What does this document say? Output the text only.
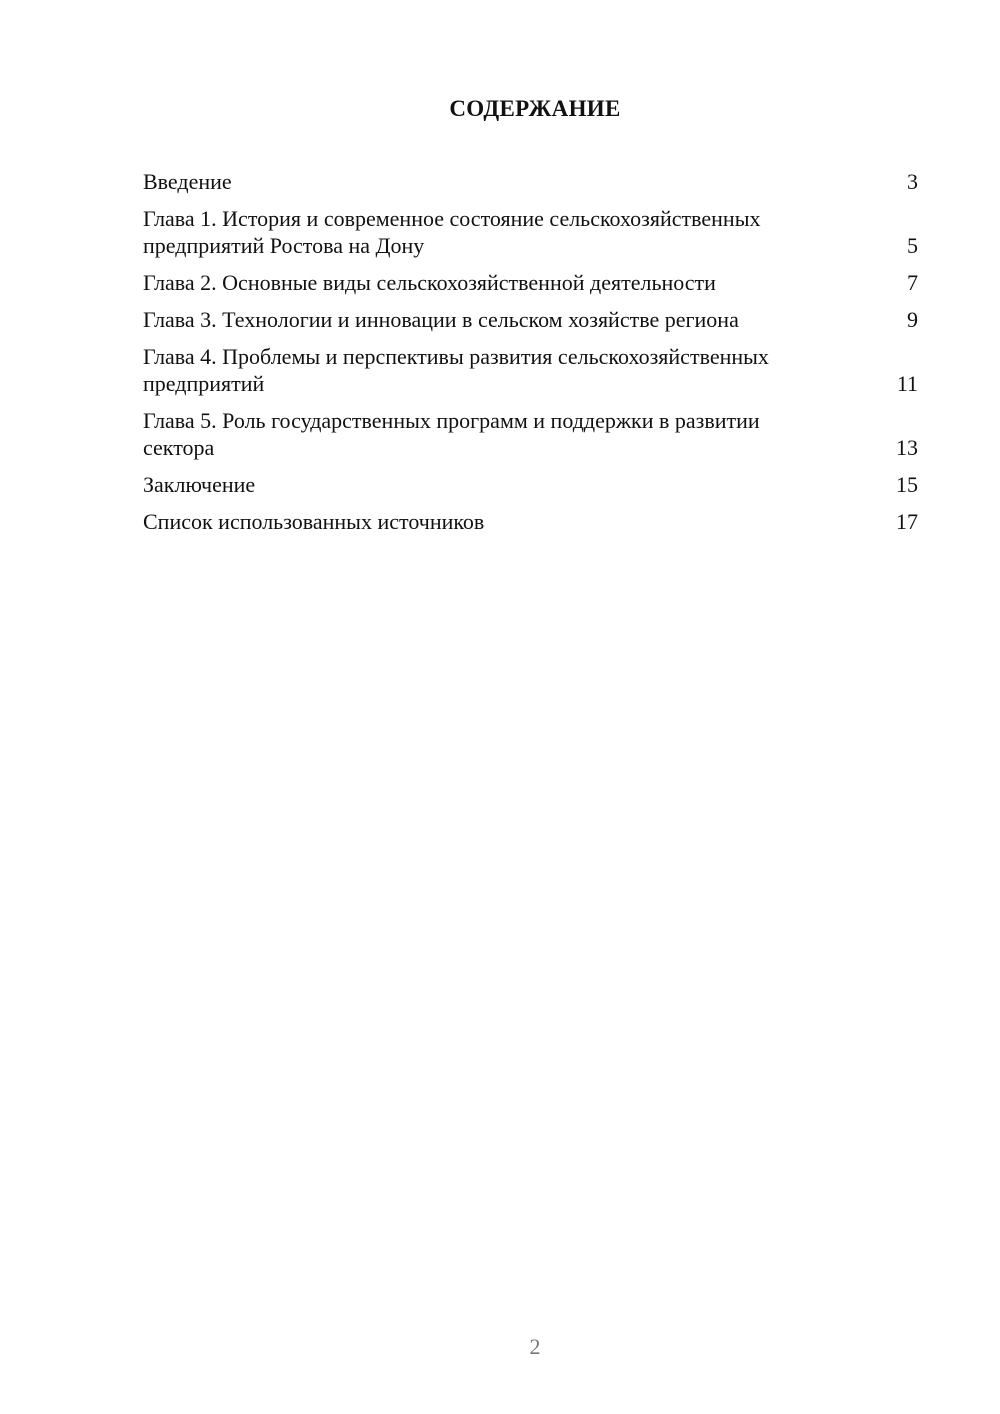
СОДЕРЖАНИЕ
Введение	3
Глава 1. История и современное состояние сельскохозяйственных предприятий Ростова на Дону	5
Глава 2. Основные виды сельскохозяйственной деятельности	7
Глава 3. Технологии и инновации в сельском хозяйстве региона	9
Глава 4. Проблемы и перспективы развития сельскохозяйственных предприятий	11
Глава 5. Роль государственных программ и поддержки в развитии сектора	13
Заключение	15
Список использованных источников	17
2
